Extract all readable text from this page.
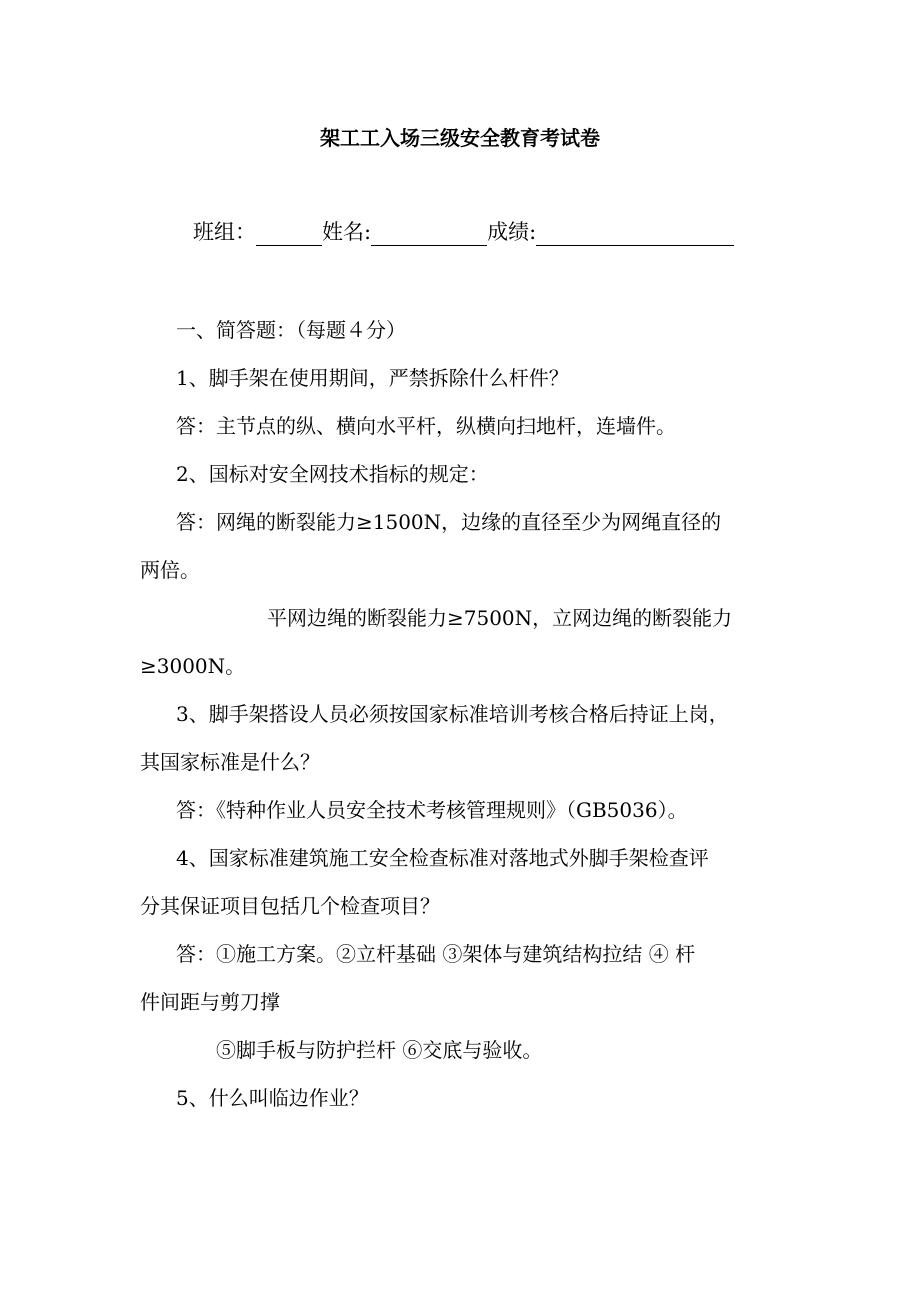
架工工入场三级安全教育考试卷
班组：	姓名:	成绩:
一、简答题：（每题４分）
1、脚手架在使用期间，严禁拆除什么杆件？
答：主节点的纵、横向水平杆，纵横向扫地杆，连墙件。
2、国标对安全网技术指标的规定：
答：网绳的断裂能力≥1500N，边缘的直径至少为网绳直径的
两倍。
平网边绳的断裂能力≥7500N，立网边绳的断裂能力
≥3000N。
3、脚手架搭设人员必须按国家标准培训考核合格后持证上岗，
其国家标准是什么？
答：《特种作业人员安全技术考核管理规则》（GB5036）。
4、国家标准建筑施工安全检查标准对落地式外脚手架检查评
分其保证项目包括几个检查项目？
答：①施工方案。②立杆基础 ③架体与建筑结构拉结 ④ 杆
件间距与剪刀撑
⑤脚手板与防护拦杆 ⑥交底与验收。
5、什么叫临边作业？
